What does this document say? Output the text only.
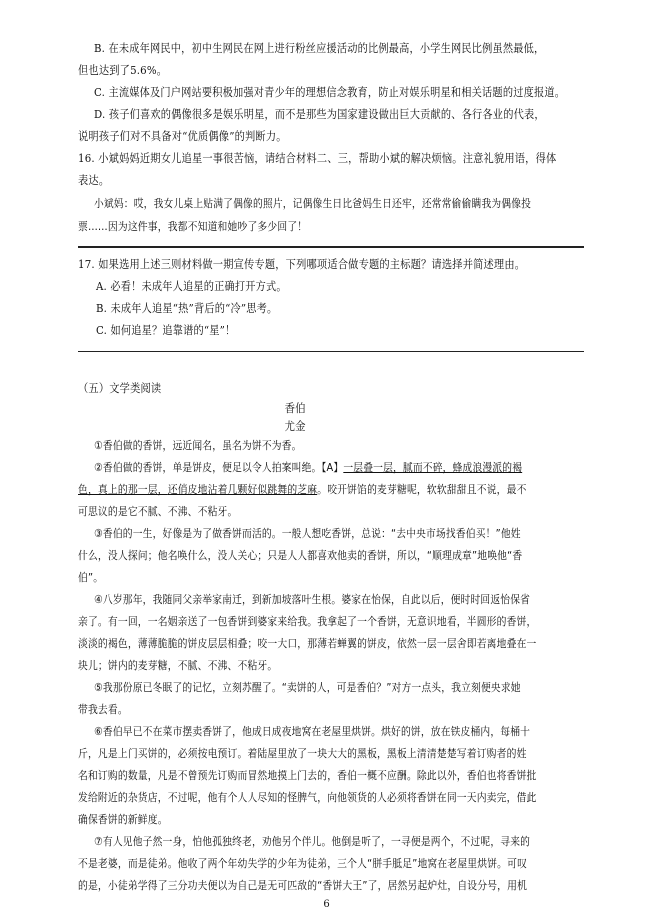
B. 在未成年网民中，初中生网民在网上进行粉丝应援活动的比例最高，小学生网民比例虽然最低，
但也达到了5.6%。
C. 主流媒体及门户网站要积极加强对青少年的理想信念教育，防止对娱乐明星和相关话题的过度报道。
D. 孩子们喜欢的偶像很多是娱乐明星，而不是那些为国家建设做出巨大贡献的、各行各业的代表，
说明孩子们对不具备对“优质偶像”的判断力。
16. 小斌妈妈近期女儿追星一事很苦恼，请结合材料二、三，帮助小斌的解决烦恼。注意礼貌用语，得体
表达。
小斌妈：哎，我女儿桌上贴满了偶像的照片，记偶像生日比爸妈生日还牢，还常常偷偷瞒我为偶像投
票……因为这件事，我都不知道和她吵了多少回了！
17. 如果选用上述三则材料做一期宣传专题，下列哪项适合做专题的主标题？请选择并简述理由。
A. 必看！未成年人追星的正确打开方式。
B. 未成年人追星“热”背后的“冷”思考。
C. 如何追星？追靠谱的“星”！
（五）文学类阅读
香伯
尤金
①香伯做的香饼，远近闻名，虽名为饼不为香。
②香伯做的香饼，单是饼皮，便足以令人拍案叫绝。【A】一层叠一层，腻而不碎，蜂成浪漫派的褐
色，真上的那一层，还俏皮地沾着几颗好似跳舞的芝麻。咬开饼馅的麦芽糖呢，软软甜甜且不说，最不
可思议的是它不腻、不沸、不粘牙。
③香伯的一生，好像是为了做香饼而活的。一般人想吃香饼，总说：“去中央市场找香伯买！”他姓
什么，没人探问；他名唤什么，没人关心；只是人人都喜欢他卖的香饼，所以，“顺理成章”地唤他“香
伯”。
④八岁那年，我随同父亲举家南迁，到新加坡落叶生根。婆家在怡保，自此以后，便时时回返怡保省
亲了。有一回，一名姻亲送了一包香饼到婆家来给我。我拿起了一个香饼，无意识地看，半圆形的香饼，
淡淡的褐色，薄薄脆脆的饼皮层层相叠；咬一大口，那薄若蝉翼的饼皮，依然一层一层舍即若离地叠在一
块儿；饼内的麦芽糖，不腻、不沸、不粘牙。
⑤我那份原已冬眠了的记忆，立刻苏醒了。“卖饼的人，可是香伯？”对方一点头，我立刻便央求她
带我去看。
⑥香伯早已不在菜市摆卖香饼了，他成日成夜地窝在老屋里烘饼。烘好的饼，放在铁皮桶内，每桶十
斤，凡是上门买饼的，必须按电预订。着陆屋里放了一块大大的黑板，黑板上清清楚楚写着订购者的姓
名和订购的数量，凡是不曾预先订购而冒然地摸上门去的，香伯一概不应酬。除此以外，香伯也将香饼批
发给附近的杂货店，不过呢，他有个人人尽知的怪脾气，向他领货的人必须将香饼在同一天内卖完，借此
确保香饼的新鲜度。
⑦有人见他子然一身，怕他孤独终老，劝他另个伴儿。他倒是听了，一寻便是两个，不过呢，寻来的
不是老婆，而是徒弟。他收了两个年幼失学的少年为徒弟，三个人“胼手胝足”地窝在老屋里烘饼。可叹
的是，小徒弟学得了三分功夫便以为自己是无可匹敌的“香饼大王”了，居然另起炉灶，自设分号，用机
6
